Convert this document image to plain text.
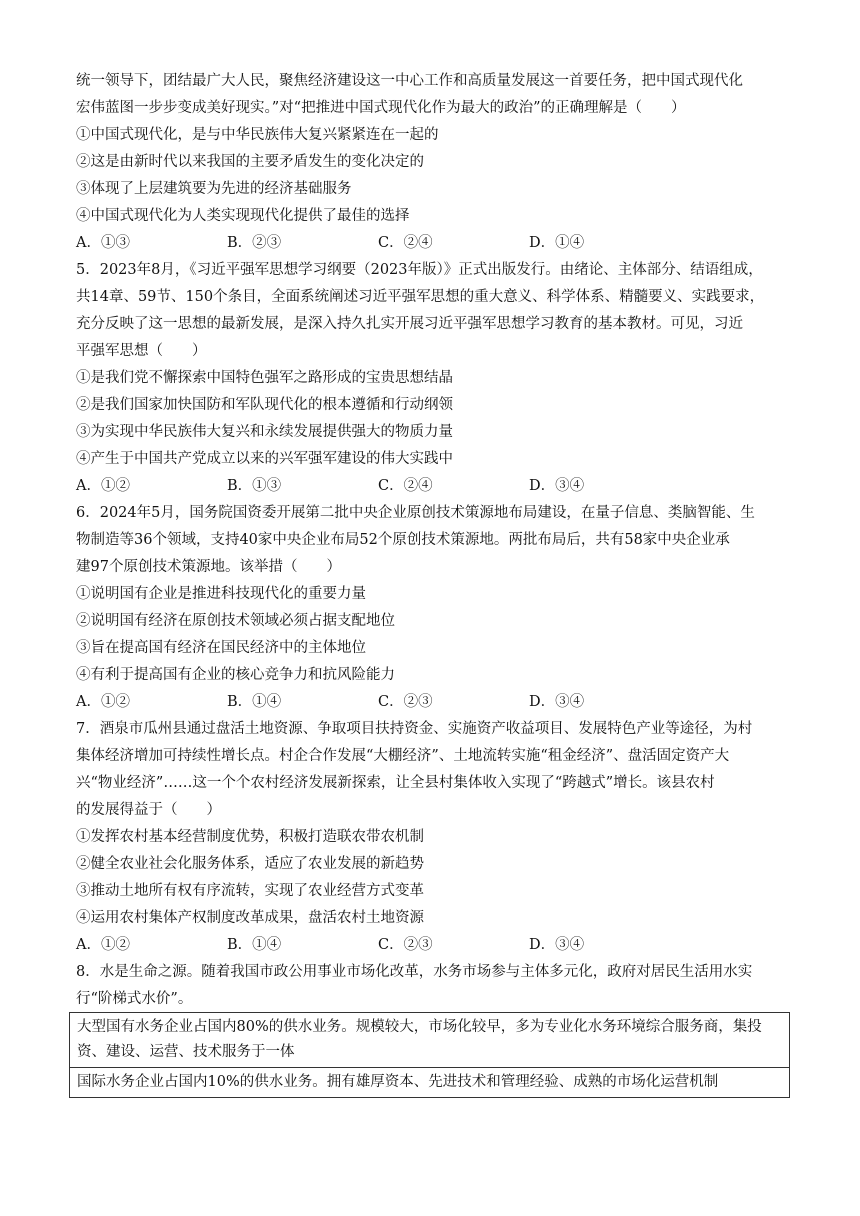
统一领导下，团结最广大人民，聚焦经济建设这一中心工作和高质量发展这一首要任务，把中国式现代化
宏伟蓝图一步步变成美好现实。”对“把推进中国式现代化作为最大的政治”的正确理解是（　　）
①中国式现代化，是与中华民族伟大复兴紧紧连在一起的
②这是由新时代以来我国的主要矛盾发生的变化决定的
③体现了上层建筑要为先进的经济基础服务
④中国式现代化为人类实现现代化提供了最佳的选择
A．①③	B．②③	C．②④	D．①④
5．2023年8月，《习近平强军思想学习纲要（2023年版）》正式出版发行。由绪论、主体部分、结语组成，
共14章、59节、150个条目，全面系统阐述习近平强军思想的重大意义、科学体系、精髓要义、实践要求，
充分反映了这一思想的最新发展，是深入持久扎实开展习近平强军思想学习教育的基本教材。可见，习近
平强军思想（　　）
①是我们党不懈探索中国特色强军之路形成的宝贵思想结晶
②是我们国家加快国防和军队现代化的根本遵循和行动纲领
③为实现中华民族伟大复兴和永续发展提供强大的物质力量
④产生于中国共产党成立以来的兴军强军建设的伟大实践中
A．①②	B．①③	C．②④	D．③④
6．2024年5月，国务院国资委开展第二批中央企业原创技术策源地布局建设，在量子信息、类脑智能、生
物制造等36个领域，支持40家中央企业布局52个原创技术策源地。两批布局后，共有58家中央企业承
建97个原创技术策源地。该举措（　　）
①说明国有企业是推进科技现代化的重要力量
②说明国有经济在原创技术领域必须占据支配地位
③旨在提高国有经济在国民经济中的主体地位
④有利于提高国有企业的核心竞争力和抗风险能力
A．①②	B．①④	C．②③	D．③④
7．酒泉市瓜州县通过盘活土地资源、争取项目扶持资金、实施资产收益项目、发展特色产业等途径，为村
集体经济增加可持续性增长点。村企合作发展“大棚经济”、土地流转实施“租金经济”、盘活固定资产大
兴“物业经济”……这一个个农村经济发展新探索，让全县村集体收入实现了“跨越式”增长。该县农村
的发展得益于（　　）
①发挥农村基本经营制度优势，积极打造联农带农机制
②健全农业社会化服务体系，适应了农业发展的新趋势
③推动土地所有权有序流转，实现了农业经营方式变革
④运用农村集体产权制度改革成果，盘活农村土地资源
A．①②	B．①④	C．②③	D．③④
8．水是生命之源。随着我国市政公用事业市场化改革，水务市场参与主体多元化，政府对居民生活用水实
行“阶梯式水价”。
大型国有水务企业占国内80%的供水业务。规模较大，市场化较早，多为专业化水务环境综合服务商，集投资、建设、运营、技术服务于一体
国际水务企业占国内10%的供水业务。拥有雄厚资本、先进技术和管理经验、成熟的市场化运营机制
